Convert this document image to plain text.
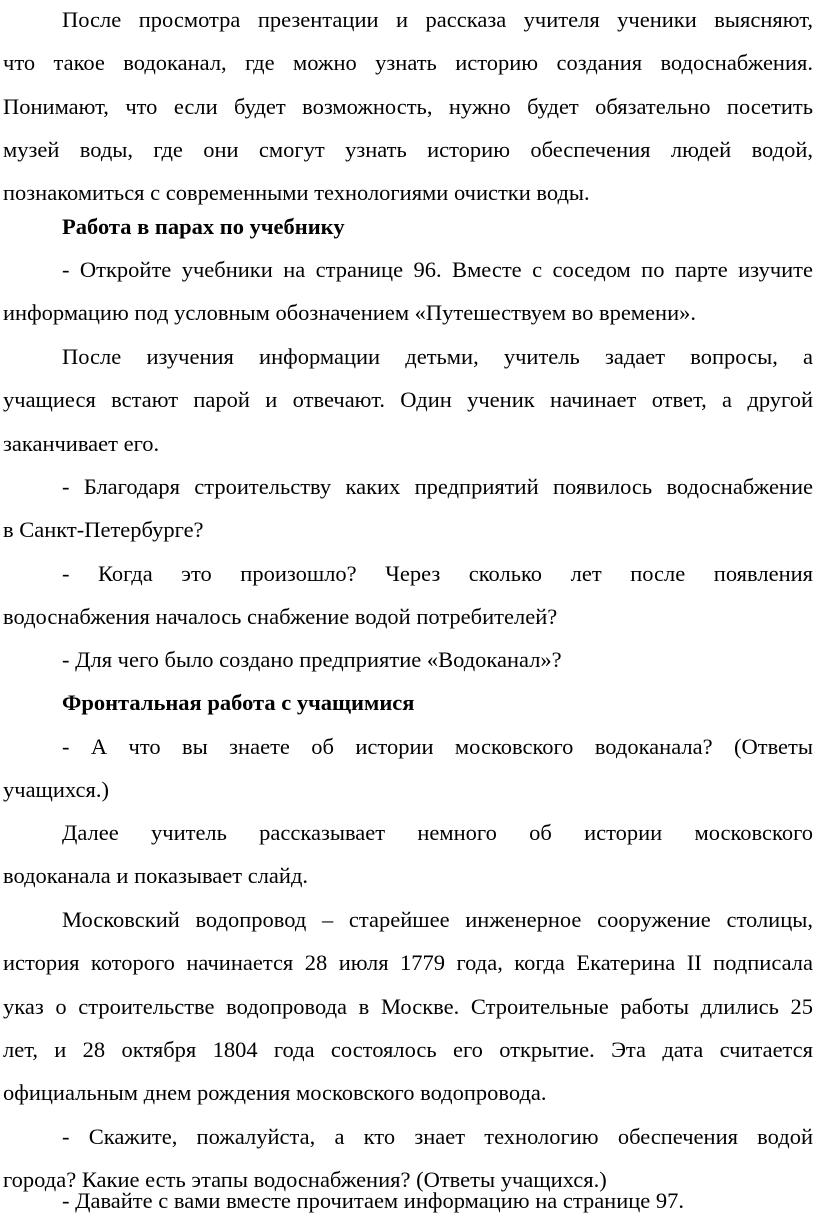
После просмотра презентации и рассказа учителя ученики выясняют,
что такое водоканал, где можно узнать историю создания водоснабжения.
Понимают, что если будет возможность, нужно будет обязательно посетить
музей воды, где они смогут узнать историю обеспечения людей водой,
познакомиться с современными технологиями очистки воды.

Работа в парах по учебнику

- Откройте учебники на странице 96. Вместе с соседом по парте изучите
информацию под условным обозначением «Путешествуем во времени».

После изучения информации детьми, учитель задает вопросы, а
учащиеся встают парой и отвечают. Один ученик начинает ответ, а другой
заканчивает его.

- Благодаря строительству каких предприятий появилось водоснабжение
в Санкт-Петербурге?

- Когда это произошло? Через сколько лет после появления
водоснабжения началось снабжение водой потребителей?

- Для чего было создано предприятие «Водоканал»?

Фронтальная работа с учащимися

- А что вы знаете об истории московского водоканала? (Ответы
учащихся.)

Далее учитель рассказывает немного об истории московского
водоканала и показывает слайд.

Московский водопровод – старейшее инженерное сооружение столицы,
история которого начинается 28 июля 1779 года, когда Екатерина II подписала
указ о строительстве водопровода в Москве. Строительные работы длились 25
лет, и 28 октября 1804 года состоялось его открытие. Эта дата считается
официальным днем рождения московского водопровода.

- Скажите, пожалуйста, а кто знает технологию обеспечения водой
города? Какие есть этапы водоснабжения? (Ответы учащихся.)

- Давайте с вами вместе прочитаем информацию на странице 97.
